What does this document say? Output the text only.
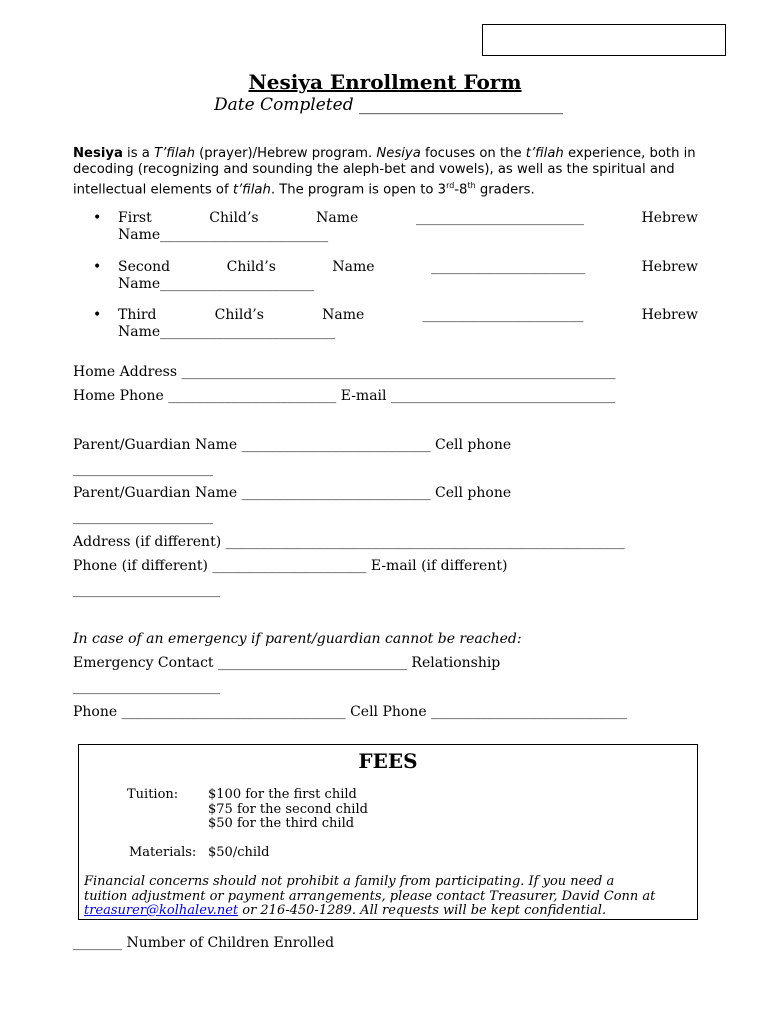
Nesiya Enrollment Form
Date Completed ________________________
Nesiya is a T’filah (prayer)/Hebrew program. Nesiya focuses on the t’filah experience, both in decoding (recognizing and sounding the aleph-bet and vowels), as well as the spiritual and intellectual elements of t’filah. The program is open to 3rd-8th graders.
• First	Child’s	Name	________________________	Hebrew
Name________________________
• Second	Child’s	Name	______________________	Hebrew
Name______________________
• Third	Child’s	Name	_______________________	Hebrew
Name_________________________
Home Address ______________________________________________________________
Home Phone ________________________ E-mail ________________________________
Parent/Guardian Name ___________________________ Cell phone
____________________
Parent/Guardian Name ___________________________ Cell phone
____________________
Address (if different) _________________________________________________________
Phone (if different) ______________________ E-mail (if different)
_____________________
In case of an emergency if parent/guardian cannot be reached:
Emergency Contact ___________________________ Relationship
_____________________
Phone ________________________________ Cell Phone ____________________________
FEES
Tuition: $100 for the first child
$75 for the second child
$50 for the third child
Materials: $50/child
Financial concerns should not prohibit a family from participating. If you need a tuition adjustment or payment arrangements, please contact Treasurer, David Conn at treasurer@kolhalev.net or 216-450-1289. All requests will be kept confidential.
_______ Number of Children Enrolled
